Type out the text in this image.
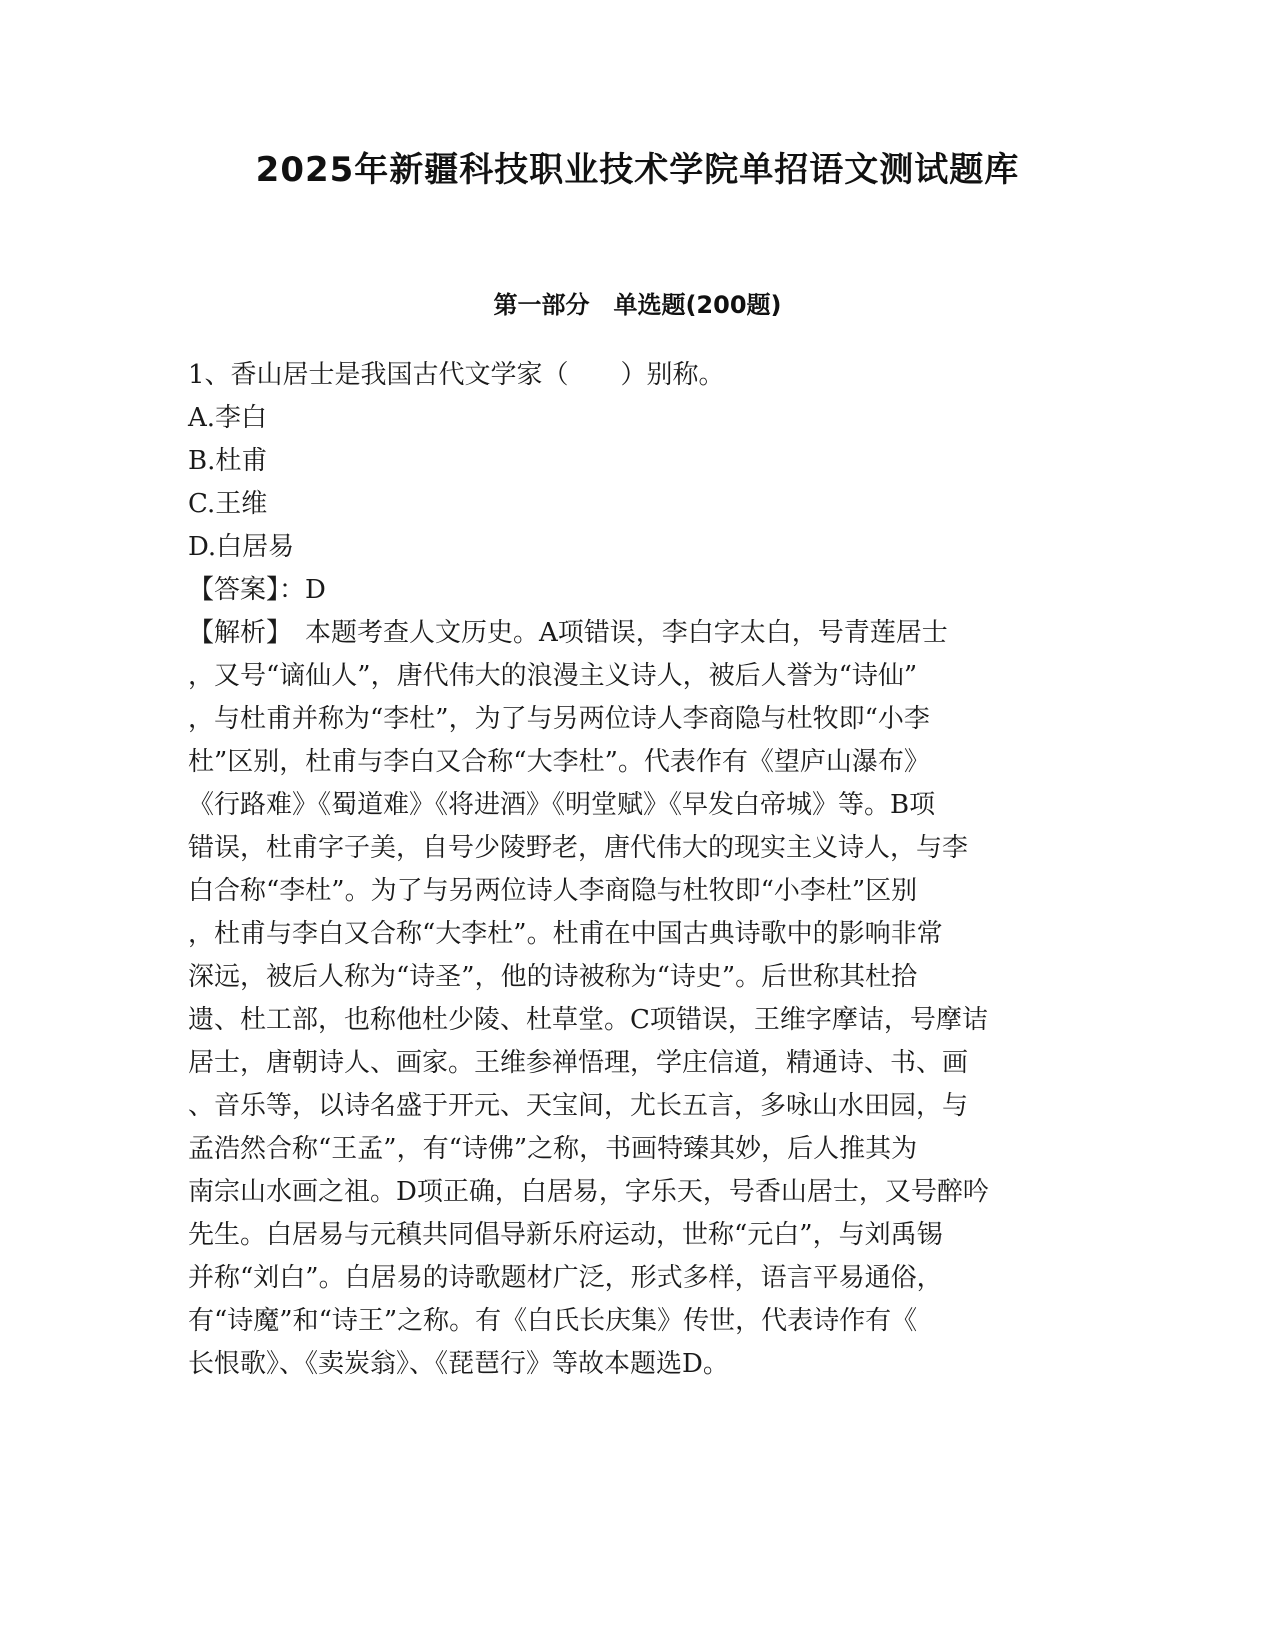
2025年新疆科技职业技术学院单招语文测试题库
第一部分　单选题(200题)
1、香山居士是我国古代文学家（　　）别称。
A.李白
B.杜甫
C.王维
D.白居易
【答案】：D
【解析】　本题考查人文历史。A项错误，李白字太白，号青莲居士
，又号“谪仙人”，唐代伟大的浪漫主义诗人，被后人誉为“诗仙”
，与杜甫并称为“李杜”，为了与另两位诗人李商隐与杜牧即“小李
杜”区别，杜甫与李白又合称“大李杜”。代表作有《望庐山瀑布》
《行路难》《蜀道难》《将进酒》《明堂赋》《早发白帝城》等。B项
错误，杜甫字子美，自号少陵野老，唐代伟大的现实主义诗人，与李
白合称“李杜”。为了与另两位诗人李商隐与杜牧即“小李杜”区别
，杜甫与李白又合称“大李杜”。杜甫在中国古典诗歌中的影响非常
深远，被后人称为“诗圣”，他的诗被称为“诗史”。后世称其杜拾
遗、杜工部，也称他杜少陵、杜草堂。C项错误，王维字摩诘，号摩诘
居士，唐朝诗人、画家。王维参禅悟理，学庄信道，精通诗、书、画
、音乐等，以诗名盛于开元、天宝间，尤长五言，多咏山水田园，与
孟浩然合称“王孟”，有“诗佛”之称，书画特臻其妙，后人推其为
南宗山水画之祖。D项正确，白居易，字乐天，号香山居士，又号醉吟
先生。白居易与元稹共同倡导新乐府运动，世称“元白”，与刘禹锡
并称“刘白”。白居易的诗歌题材广泛，形式多样，语言平易通俗，
有“诗魔”和“诗王”之称。有《白氏长庆集》传世，代表诗作有《
长恨歌》、《卖炭翁》、《琵琶行》等故本题选D。
